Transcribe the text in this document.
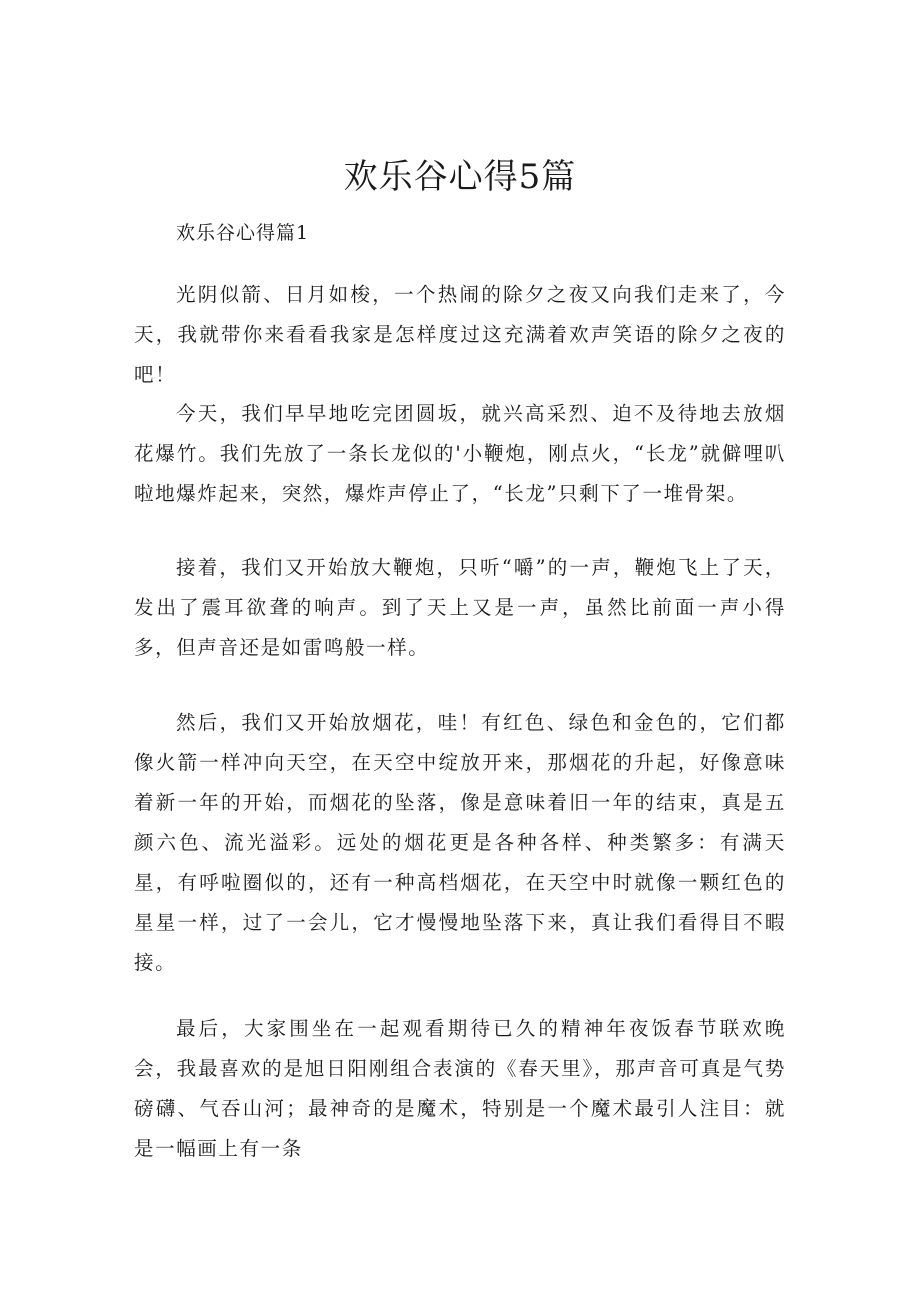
欢乐谷心得5篇
欢乐谷心得篇1

光阴似箭、日月如梭，一个热闹的除夕之夜又向我们走来了，今天，我就带你来看看我家是怎样度过这充满着欢声笑语的除夕之夜的吧！

今天，我们早早地吃完团圆坂，就兴高采烈、迫不及待地去放烟花爆竹。我们先放了一条长龙似的'小鞭炮，刚点火，“长龙”就僻哩叭啦地爆炸起来，突然，爆炸声停止了，“长龙”只剩下了一堆骨架。

接着，我们又开始放大鞭炮，只听“嚼”的一声，鞭炮飞上了天，发出了震耳欲聋的响声。到了天上又是一声，虽然比前面一声小得多，但声音还是如雷鸣般一样。

然后，我们又开始放烟花，哇！有红色、绿色和金色的，它们都像火箭一样冲向天空，在天空中绽放开来，那烟花的升起，好像意味着新一年的开始，而烟花的坠落，像是意味着旧一年的结束，真是五颜六色、流光溢彩。远处的烟花更是各种各样、种类繁多：有满天星，有呼啦圈似的，还有一种高档烟花，在天空中时就像一颗红色的星星一样，过了一会儿，它才慢慢地坠落下来，真让我们看得目不暇接。

最后，大家围坐在一起观看期待已久的精神年夜饭春节联欢晚会，我最喜欢的是旭日阳刚组合表演的《春天里》，那声音可真是气势磅礴、气吞山河；最神奇的是魔术，特别是一个魔术最引人注目：就是一幅画上有一条
